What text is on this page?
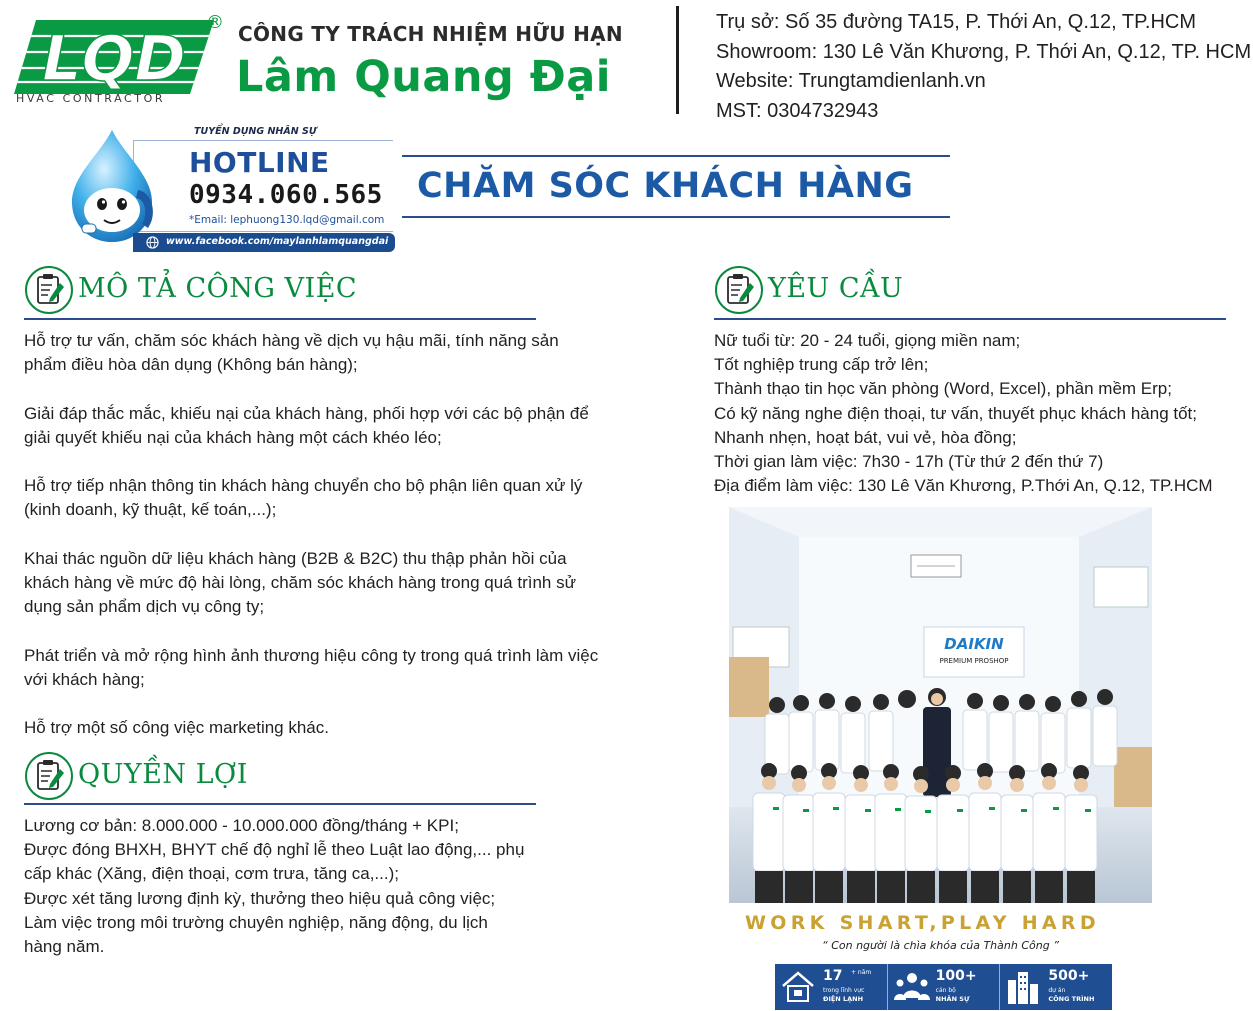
LQD ®
HVAC CONTRACTOR
CÔNG TY TRÁCH NHIỆM HỮU HẠN
Lâm Quang Đại
Trụ sở: Số 35 đường TA15, P. Thới An, Q.12, TP.HCM
Showroom: 130 Lê Văn Khương, P. Thới An, Q.12, TP. HCM
Website: Trungtamdienlanh.vn
MST: 0304732943
TUYỂN DỤNG NHÂN SỰ
HOTLINE
0934.060.565
*Email: lephuong130.lqd@gmail.com
www.facebook.com/maylanhlamquangdai
CHĂM SÓC KHÁCH HÀNG
MÔ TẢ CÔNG VIỆC

Hỗ trợ tư vấn, chăm sóc khách hàng về dịch vụ hậu mãi, tính năng sản
phẩm điều hòa dân dụng (Không bán hàng);

Giải đáp thắc mắc, khiếu nại của khách hàng, phối hợp với các bộ phận để
giải quyết khiếu nại của khách hàng một cách khéo léo;

Hỗ trợ tiếp nhận thông tin khách hàng chuyển cho bộ phận liên quan xử lý
(kinh doanh, kỹ thuật, kế toán,...);

Khai thác nguồn dữ liệu khách hàng (B2B & B2C) thu thập phản hồi của
khách hàng về mức độ hài lòng, chăm sóc khách hàng trong quá trình sử
dụng sản phẩm dịch vụ công ty;

Phát triển và mở rộng hình ảnh thương hiệu công ty trong quá trình làm việc
với khách hàng;

Hỗ trợ một số công việc marketing khác.

QUYỀN LỢI
Lương cơ bản: 8.000.000 - 10.000.000 đồng/tháng + KPI;
Được đóng BHXH, BHYT chế độ nghỉ lễ theo Luật lao động,... phụ
cấp khác (Xăng, điện thoại, cơm trưa, tăng ca,...);
Được xét tăng lương định kỳ, thưởng theo hiệu quả công việc;
Làm việc trong môi trường chuyên nghiệp, năng động, du lịch
hàng năm.
YÊU CẦU
Nữ tuổi từ: 20 - 24 tuổi, giọng miền nam;
Tốt nghiệp trung cấp trở lên;
Thành thạo tin học văn phòng (Word, Excel), phần mềm Erp;
Có kỹ năng nghe điện thoại, tư vấn, thuyết phục khách hàng tốt;
Nhanh nhẹn, hoạt bát, vui vẻ, hòa đồng;
Thời gian làm việc: 7h30 - 17h (Từ thứ 2 đến thứ 7)
Địa điểm làm việc: 130 Lê Văn Khương, P.Thới An, Q.12, TP.HCM
DAIKIN
PREMIUM PROSHOP
WORK SHART,PLAY HARD
“ Con người là chìa khóa của Thành Công ”
17 + năm
trong lĩnh vực
ĐIỆN LẠNH
100+
cán bộ
NHÂN SỰ
500+
dự án
CÔNG TRÌNH
